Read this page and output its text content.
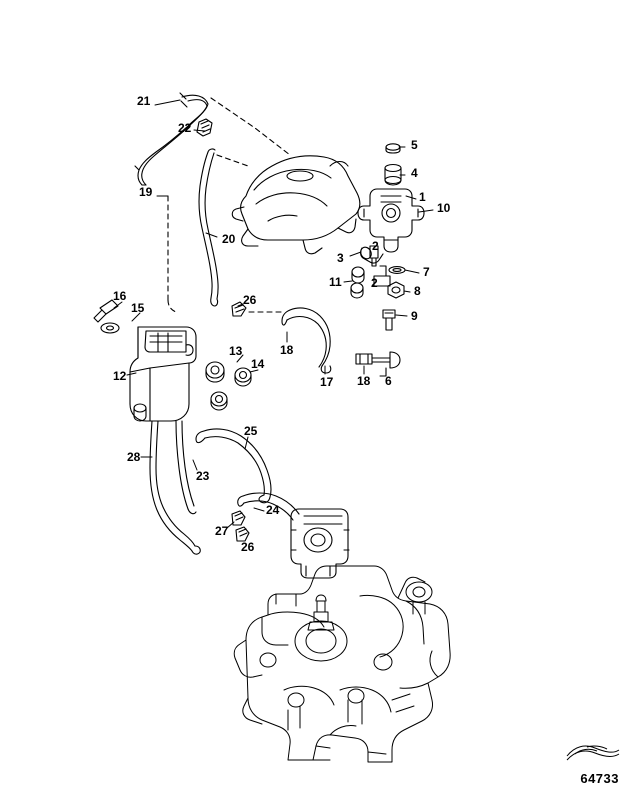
21
22
19
20
5
4
1
10
2
3
11 2
7
8
9
16
15
26
18
12
13
14
17 18 6
25
28
23
24
27
26
64733
